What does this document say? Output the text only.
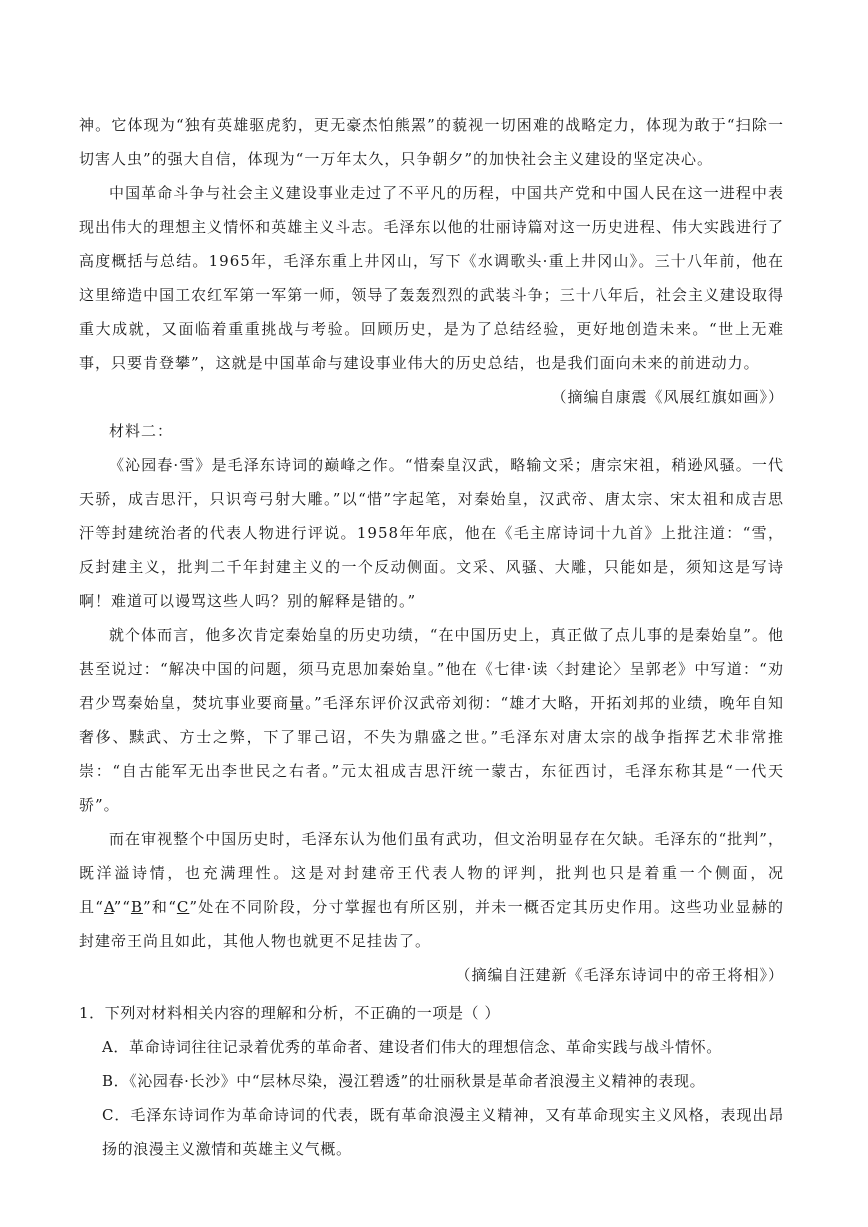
神。它体现为“独有英雄驱虎豹，更无豪杰怕熊罴”的藐视一切困难的战略定力，体现为敢于“扫除一切害人虫”的强大自信，体现为“一万年太久，只争朝夕”的加快社会主义建设的坚定决心。

中国革命斗争与社会主义建设事业走过了不平凡的历程，中国共产党和中国人民在这一进程中表现出伟大的理想主义情怀和英雄主义斗志。毛泽东以他的壮丽诗篇对这一历史进程、伟大实践进行了高度概括与总结。1965年，毛泽东重上井冈山，写下《水调歌头·重上井冈山》。三十八年前，他在这里缔造中国工农红军第一军第一师，领导了轰轰烈烈的武装斗争；三十八年后，社会主义建设取得重大成就，又面临着重重挑战与考验。回顾历史，是为了总结经验，更好地创造未来。“世上无难事，只要肯登攀”，这就是中国革命与建设事业伟大的历史总结，也是我们面向未来的前进动力。

（摘编自康震《风展红旗如画》）

材料二：

《沁园春·雪》是毛泽东诗词的巅峰之作。“惜秦皇汉武，略输文采；唐宗宋祖，稍逊风骚。一代天骄，成吉思汗，只识弯弓射大雕。”以“惜”字起笔，对秦始皇，汉武帝、唐太宗、宋太祖和成吉思汗等封建统治者的代表人物进行评说。1958年年底，他在《毛主席诗词十九首》上批注道：“雪，反封建主义，批判二千年封建主义的一个反动侧面。文采、风骚、大雕，只能如是，须知这是写诗啊！难道可以谩骂这些人吗？别的解释是错的。”

就个体而言，他多次肯定秦始皇的历史功绩，“在中国历史上，真正做了点儿事的是秦始皇”。他甚至说过：“解决中国的问题，须马克思加秦始皇。”他在《七律·读〈封建论〉呈郭老》中写道：“劝君少骂秦始皇，焚坑事业要商量。”毛泽东评价汉武帝刘彻：“雄才大略，开拓刘邦的业绩，晚年自知奢侈、黩武、方士之弊，下了罪己诏，不失为鼎盛之世。”毛泽东对唐太宗的战争指挥艺术非常推崇：“自古能军无出李世民之右者。”元太祖成吉思汗统一蒙古，东征西讨，毛泽东称其是“一代天骄”。

而在审视整个中国历史时，毛泽东认为他们虽有武功，但文治明显存在欠缺。毛泽东的“批判”，既洋溢诗情，也充满理性。这是对封建帝王代表人物的评判，批判也只是着重一个侧面，况且“A”“B”和“C”处在不同阶段，分寸掌握也有所区别，并未一概否定其历史作用。这些功业显赫的封建帝王尚且如此，其他人物也就更不足挂齿了。

（摘编自汪建新《毛泽东诗词中的帝王将相》）

1．下列对材料相关内容的理解和分析，不正确的一项是（ ）

A．革命诗词往往记录着优秀的革命者、建设者们伟大的理想信念、革命实践与战斗情怀。

B．《沁园春·长沙》中“层林尽染，漫江碧透”的壮丽秋景是革命者浪漫主义精神的表现。

C．毛泽东诗词作为革命诗词的代表，既有革命浪漫主义精神，又有革命现实主义风格，表现出昂扬的浪漫主义激情和英雄主义气概。
